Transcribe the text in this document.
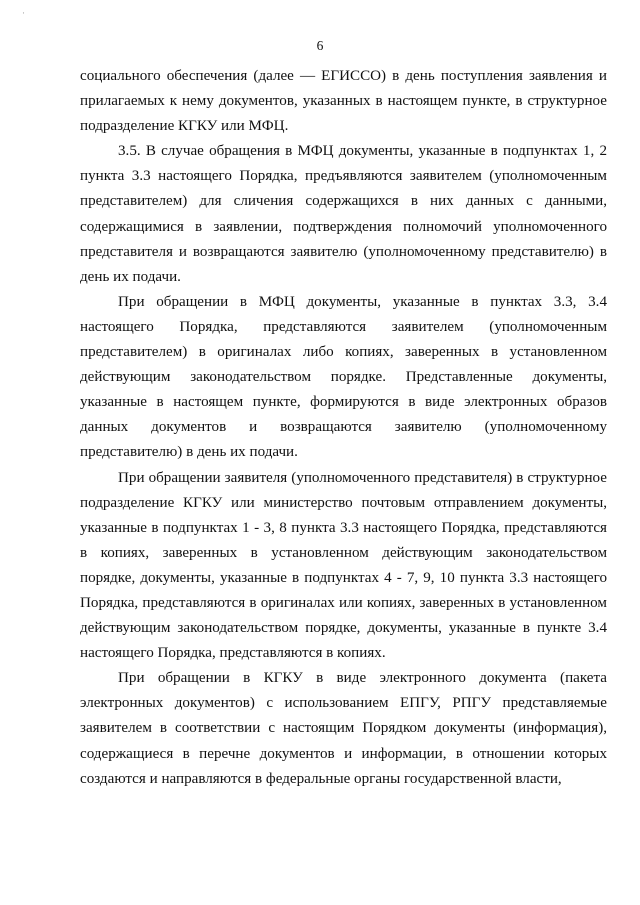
·
6

социального обеспечения (далее — ЕГИССО) в день поступления заявления и прилагаемых к нему документов, указанных в настоящем пункте, в структурное подразделение КГКУ или МФЦ.

3.5. В случае обращения в МФЦ документы, указанные в подпунктах 1, 2 пункта 3.3 настоящего Порядка, предъявляются заявителем (уполномоченным представителем) для сличения содержащихся в них данных с данными, содержащимися в заявлении, подтверждения полномочий уполномоченного представителя и возвращаются заявителю (уполномоченному представителю) в день их подачи.

При обращении в МФЦ документы, указанные в пунктах 3.3, 3.4 настоящего Порядка, представляются заявителем (уполномоченным представителем) в оригиналах либо копиях, заверенных в установленном действующим законодательством порядке. Представленные документы, указанные в настоящем пункте, формируются в виде электронных образов данных документов и возвращаются заявителю (уполномоченному представителю) в день их подачи.

При обращении заявителя (уполномоченного представителя) в структурное подразделение КГКУ или министерство почтовым отправлением документы, указанные в подпунктах 1 - 3, 8 пункта 3.3 настоящего Порядка, представляются в копиях, заверенных в установленном действующим законодательством порядке, документы, указанные в подпунктах 4 - 7, 9, 10 пункта 3.3 настоящего Порядка, представляются в оригиналах или копиях, заверенных в установленном действующим законодательством порядке, документы, указанные в пункте 3.4 настоящего Порядка, представляются в копиях.

При обращении в КГКУ в виде электронного документа (пакета электронных документов) с использованием ЕПГУ, РПГУ представляемые заявителем в соответствии с настоящим Порядком документы (информация), содержащиеся в перечне документов и информации, в отношении которых создаются и направляются в федеральные органы государственной власти,
